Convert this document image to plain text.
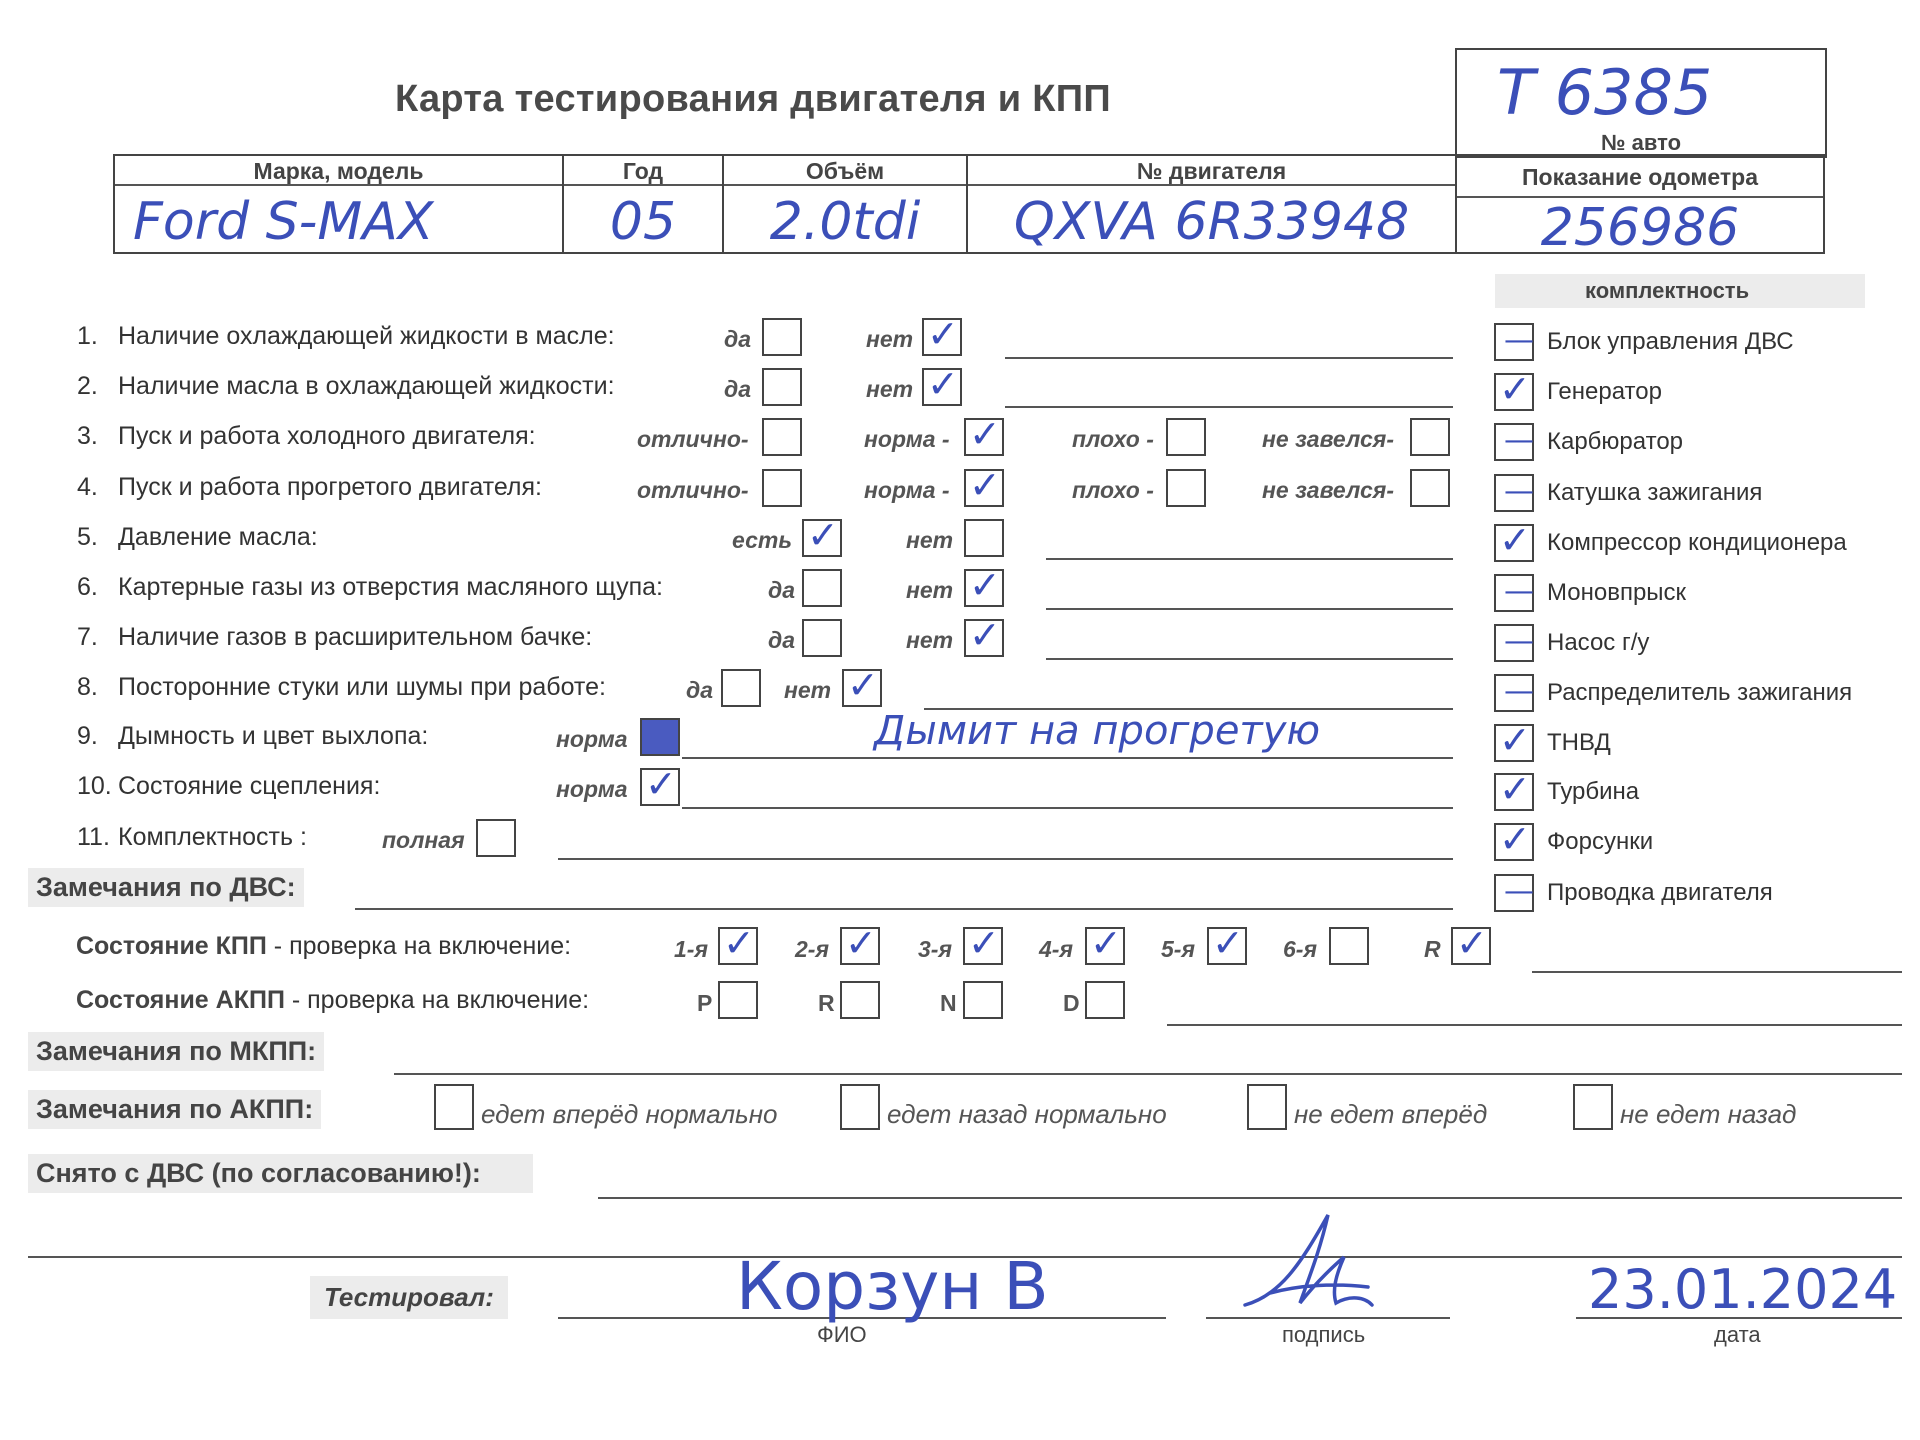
Карта тестирования двигателя и КПП	T 6385
№ авто
Марка, модель
Ford S-MAX
Год
05
Объём
2.0tdi
№ двигателя
QXVA 6R33948
Показание одометра
256986
комплектность
— Блок управления ДВС
✓ Генератор
— Карбюратор
— Катушка зажигания
✓ Компрессор кондиционера
— Моновпрыск
— Насос г/у
— Распределитель зажигания
✓ ТНВД
✓ Турбина
✓ Форсунки
— Проводка двигателя
1. Наличие охлаждающей жидкости в масле:	да	нет ✓
2. Наличие масла в охлаждающей жидкости:	да	нет ✓
3. Пуск и работа холодного двигателя:	отлично-	норма - ✓	плохо -	не завелся-
4. Пуск и работа прогретого двигателя:	отлично-	норма - ✓	плохо -	не завелся-
5. Давление масла:	есть ✓	нет
6. Картерные газы из отверстия масляного щупа:	да	нет ✓
7. Наличие газов в расширительном бачке:	да	нет ✓
8. Посторонние стуки или шумы при работе:	да	нет ✓
9. Дымность и цвет выхлопа:	норма	Дымит на прогретую
10. Состояние сцепления:	норма ✓
11. Комплектность :	полная
Замечания по ДВС:
Состояние КПП - проверка на включение:	1-я ✓ 2-я ✓ 3-я ✓ 4-я ✓ 5-я ✓ 6-я	R ✓
Состояние АКПП - проверка на включение:	P	R	N	D
Замечания по МКПП:
Замечания по АКПП:	едет вперёд нормально	едет назад нормально	не едет вперёд	не едет назад
Снято с ДВС (по согласованию!):
Тестировал:	Корзун В
ФИО	подпись
23.01.2024
дата
